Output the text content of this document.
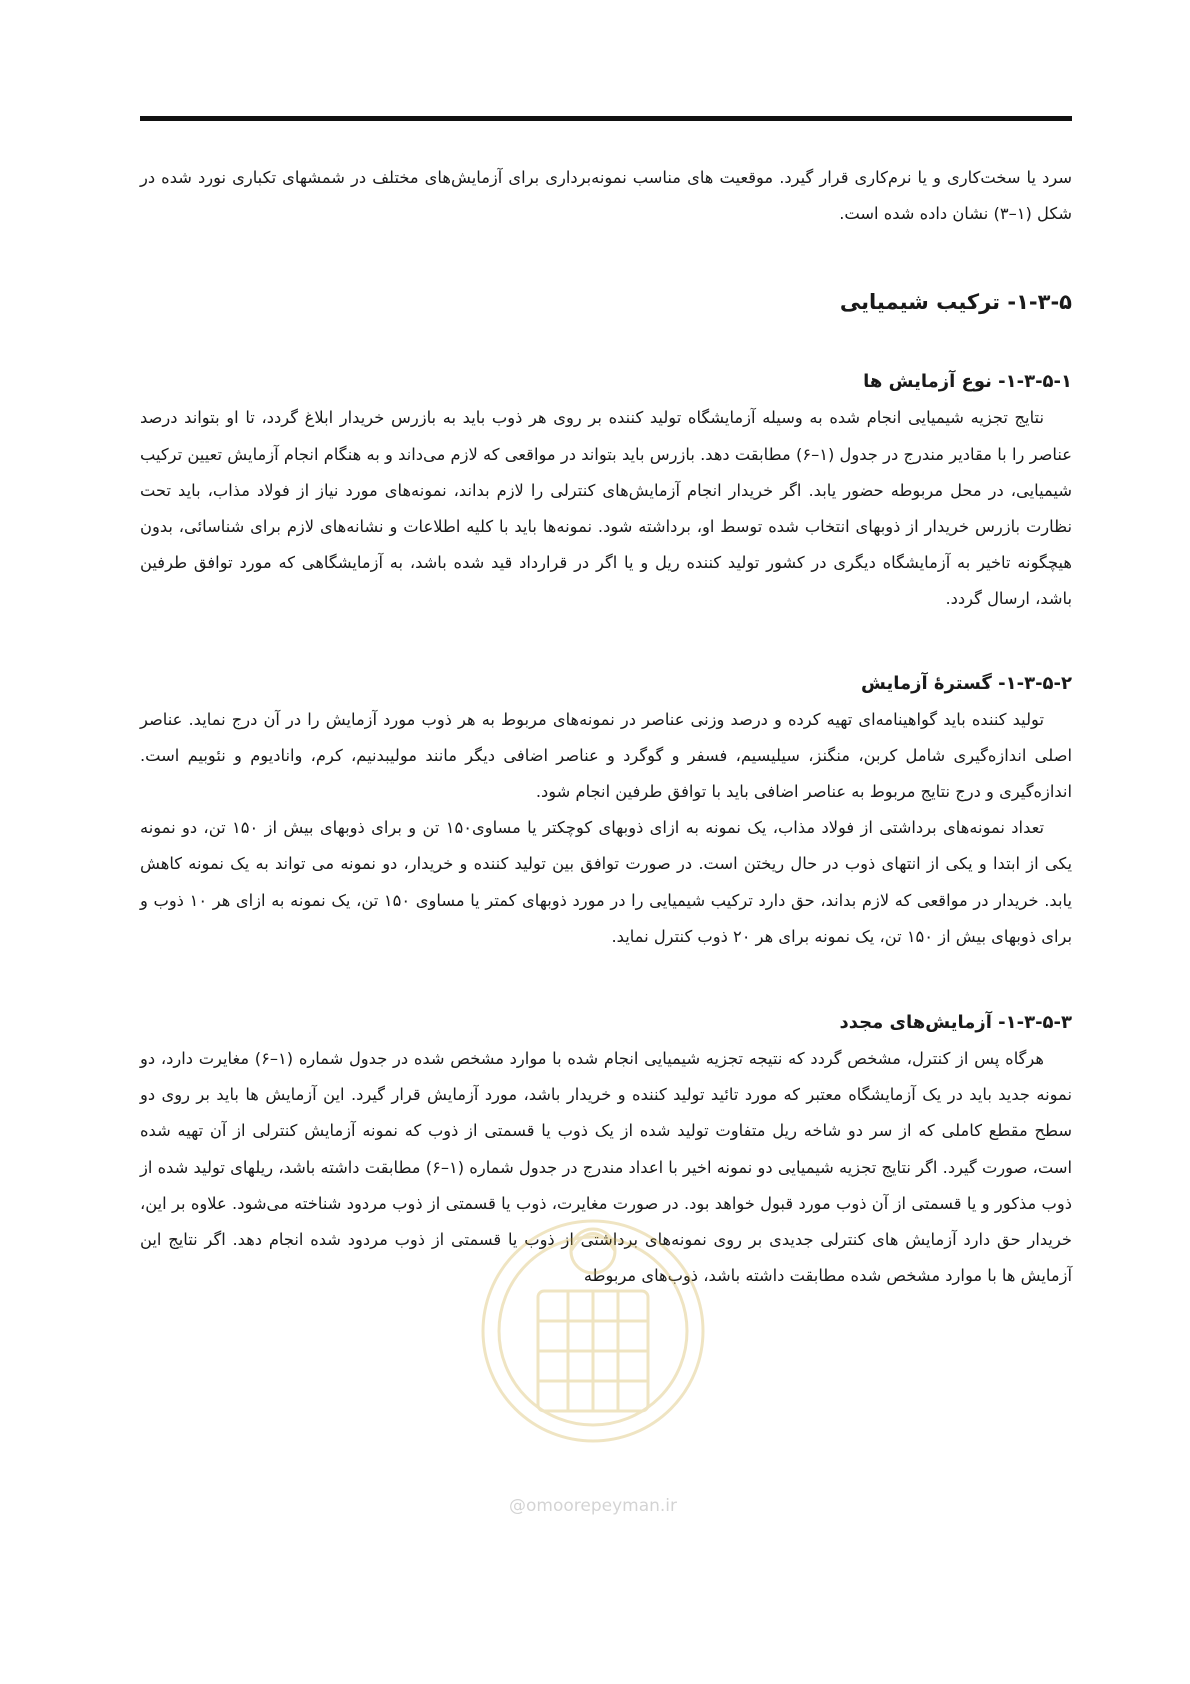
سرد یا سخت‌کاری و یا نرم‌کاری قرار گیرد. موقعیت های مناسب نمونه‌برداری برای آزمایش‌های مختلف در شمشهای تکباری نورد شده در شکل (۱–۳) نشان داده شده است.

۱-۳-۵- ترکیب شیمیایی
۱-۳-۵-۱- نوع آزمایش ها

نتایج تجزیه شیمیایی انجام شده به وسیله آزمایشگاه تولید کننده بر روی هر ذوب باید به بازرس خریدار ابلاغ گردد، تا او بتواند درصد عناصر را با مقادیر مندرج در جدول (۱–۶) مطابقت دهد. بازرس باید بتواند در مواقعی که لازم می‌داند و به هنگام انجام آزمایش تعیین ترکیب شیمیایی، در محل مربوطه حضور یابد. اگر خریدار انجام آزمایش‌های کنترلی را لازم بداند، نمونه‌های مورد نیاز از فولاد مذاب، باید تحت نظارت بازرس خریدار از ذوبهای انتخاب شده توسط او، برداشته شود. نمونه‌ها باید با کلیه اطلاعات و نشانه‌های لازم برای شناسائی، بدون هیچگونه تاخیر به آزمایشگاه دیگری در کشور تولید کننده ریل و یا اگر در قرارداد قید شده باشد، به آزمایشگاهی که مورد توافق طرفین باشد، ارسال گردد.

۱-۳-۵-۲- گسترهٔ آزمایش

تولید کننده باید گواهینامه‌ای تهیه کرده و درصد وزنی عناصر در نمونه‌های مربوط به هر ذوب مورد آزمایش را در آن درج نماید. عناصر اصلی اندازه‌گیری شامل کربن، منگنز، سیلیسیم، فسفر و گوگرد و عناصر اضافی دیگر مانند مولیبدنیم، کرم، وانادیوم و نئوبیم است. اندازه‌گیری و درج نتایج مربوط به عناصر اضافی باید با توافق طرفین انجام شود.

تعداد نمونه‌های برداشتی از فولاد مذاب، یک نمونه به ازای ذوبهای کوچکتر یا مساوی۱۵۰ تن و برای ذوبهای بیش از ۱۵۰ تن، دو نمونه یکی از ابتدا و یکی از انتهای ذوب در حال ریختن است. در صورت توافق بین تولید کننده و خریدار، دو نمونه می تواند به یک نمونه کاهش یابد. خریدار در مواقعی که لازم بداند، حق دارد ترکیب شیمیایی را در مورد ذوبهای کمتر یا مساوی ۱۵۰ تن، یک نمونه به ازای هر ۱۰ ذوب و برای ذوبهای بیش از ۱۵۰ تن، یک نمونه برای هر ۲۰ ذوب کنترل نماید.

۱-۳-۵-۳- آزمایش‌های مجدد

هرگاه پس از کنترل، مشخص گردد که نتیجه تجزیه شیمیایی انجام شده با موارد مشخص شده در جدول شماره (۱–۶) مغایرت دارد، دو نمونه جدید باید در یک آزمایشگاه معتبر که مورد تائید تولید کننده و خریدار باشد، مورد آزمایش قرار گیرد. این آزمایش ها باید بر روی دو سطح مقطع کاملی که از سر دو شاخه ریل متفاوت تولید شده از یک ذوب یا قسمتی از ذوب که نمونه آزمایش کنترلی از آن تهیه شده است، صورت گیرد. اگر نتایج تجزیه شیمیایی دو نمونه اخیر با اعداد مندرج در جدول شماره (۱–۶) مطابقت داشته باشد، ریلهای تولید شده از ذوب مذکور و یا قسمتی از آن ذوب مورد قبول خواهد بود. در صورت مغایرت، ذوب یا قسمتی از ذوب مردود شناخته می‌شود. علاوه بر این، خریدار حق دارد آزمایش های کنترلی جدیدی بر روی نمونه‌های برداشتی از ذوب یا قسمتی از ذوب مردود شده انجام دهد. اگر نتایج این آزمایش ها با موارد مشخص شده مطابقت داشته باشد، ذوب‌های مربوطه

@omoorepeyman.ir
